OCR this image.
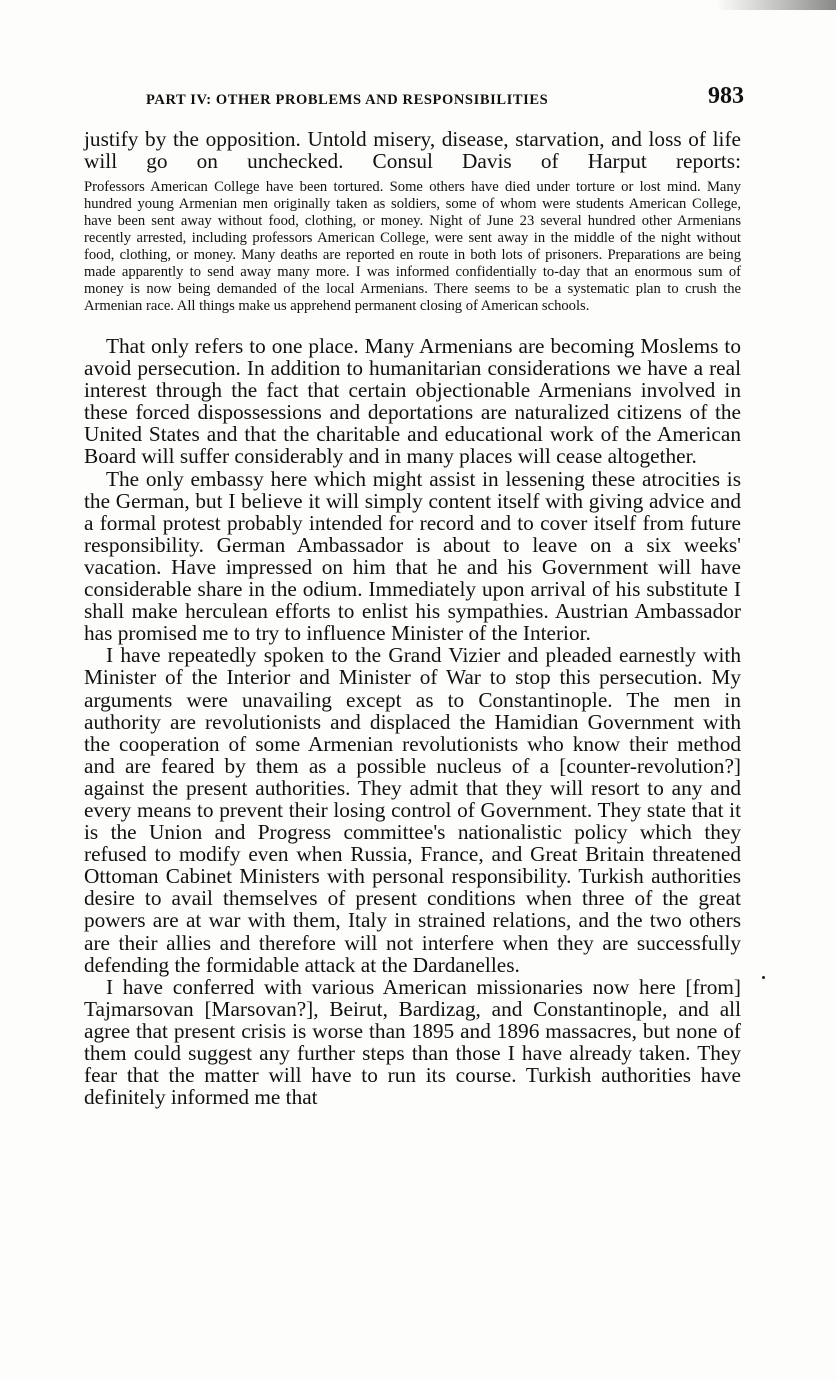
PART IV: OTHER PROBLEMS AND RESPONSIBILITIES	983

justify by the opposition. Untold misery, disease, starvation, and loss of life will go on unchecked. Consul Davis of Harput reports:

Professors American College have been tortured. Some others have died under torture or lost mind. Many hundred young Armenian men originally taken as soldiers, some of whom were students American College, have been sent away without food, clothing, or money. Night of June 23 several hundred other Armenians recently arrested, including professors American College, were sent away in the middle of the night without food, clothing, or money. Many deaths are reported en route in both lots of prisoners. Preparations are being made apparently to send away many more. I was informed confidentially to-day that an enormous sum of money is now being demanded of the local Armenians. There seems to be a systematic plan to crush the Armenian race. All things make us apprehend permanent closing of American schools.

That only refers to one place. Many Armenians are becoming Moslems to avoid persecution. In addition to humanitarian considerations we have a real interest through the fact that certain objectionable Armenians involved in these forced dispossessions and deportations are naturalized citizens of the United States and that the charitable and educational work of the American Board will suffer considerably and in many places will cease altogether.

The only embassy here which might assist in lessening these atrocities is the German, but I believe it will simply content itself with giving advice and a formal protest probably intended for record and to cover itself from future responsibility. German Ambassador is about to leave on a six weeks' vacation. Have impressed on him that he and his Government will have considerable share in the odium. Immediately upon arrival of his substitute I shall make herculean efforts to enlist his sympathies. Austrian Ambassador has promised me to try to influence Minister of the Interior.

I have repeatedly spoken to the Grand Vizier and pleaded earnestly with Minister of the Interior and Minister of War to stop this persecution. My arguments were unavailing except as to Constantinople. The men in authority are revolutionists and displaced the Hamidian Government with the cooperation of some Armenian revolutionists who know their method and are feared by them as a possible nucleus of a [counter-revolution?] against the present authorities. They admit that they will resort to any and every means to prevent their losing control of Government. They state that it is the Union and Progress committee's nationalistic policy which they refused to modify even when Russia, France, and Great Britain threatened Ottoman Cabinet Ministers with personal responsibility. Turkish authorities desire to avail themselves of present conditions when three of the great powers are at war with them, Italy in strained relations, and the two others are their allies and therefore will not interfere when they are successfully defending the formidable attack at the Dardanelles.

I have conferred with various American missionaries now here [from] Tajmarsovan [Marsovan?], Beirut, Bardizag, and Constantinople, and all agree that present crisis is worse than 1895 and 1896 massacres, but none of them could suggest any further steps than those I have already taken. They fear that the matter will have to run its course. Turkish authorities have definitely informed me that
